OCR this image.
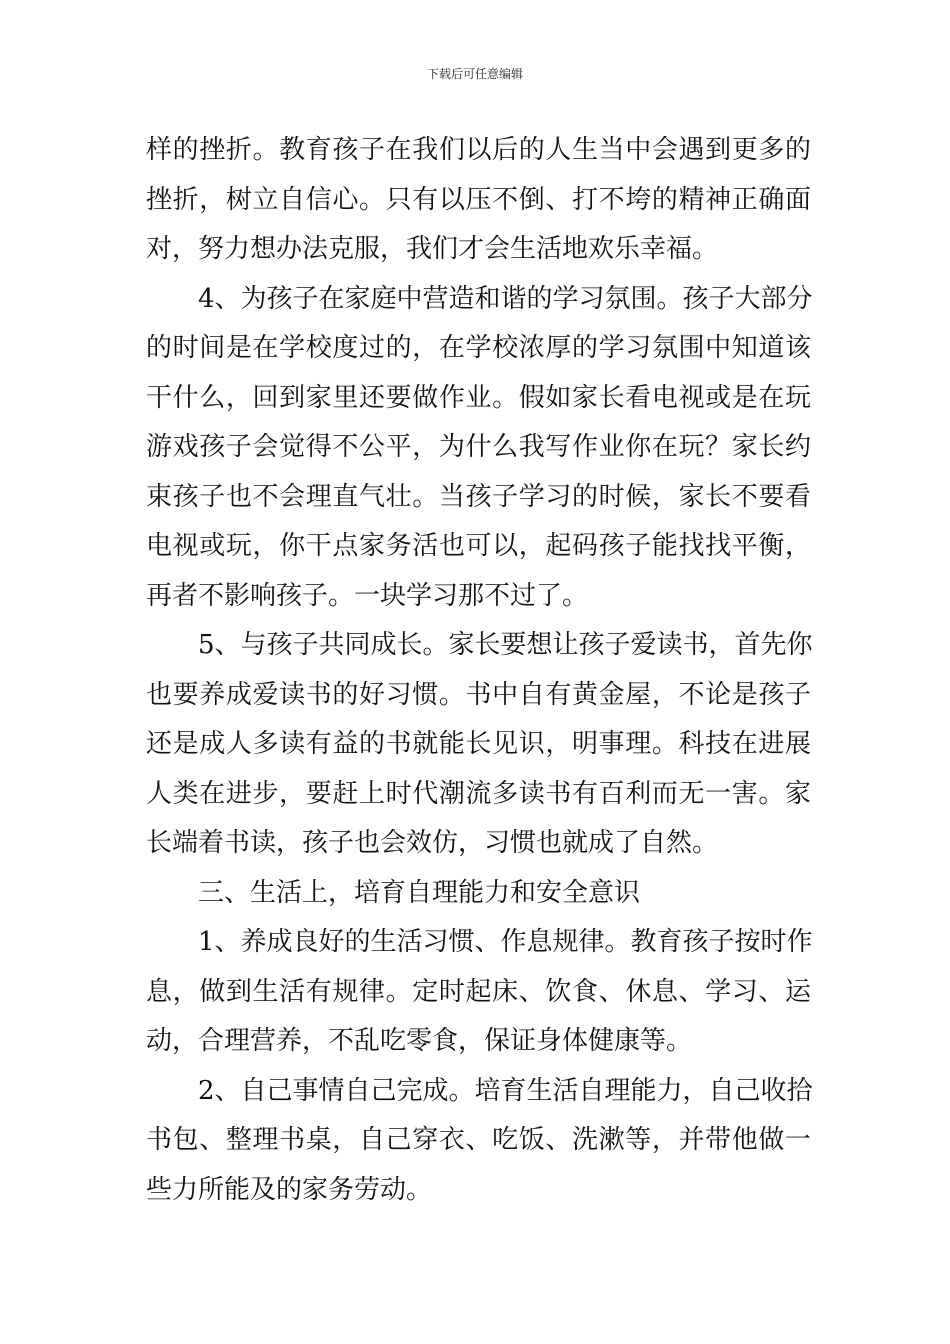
下载后可任意编辑
样的挫折。教育孩子在我们以后的人生当中会遇到更多的
挫折，树立自信心。只有以压不倒、打不垮的精神正确面
对，努力想办法克服，我们才会生活地欢乐幸福。
4、为孩子在家庭中营造和谐的学习氛围。孩子大部分
的时间是在学校度过的，在学校浓厚的学习氛围中知道该
干什么，回到家里还要做作业。假如家长看电视或是在玩
游戏孩子会觉得不公平，为什么我写作业你在玩？家长约
束孩子也不会理直气壮。当孩子学习的时候，家长不要看
电视或玩，你干点家务活也可以，起码孩子能找找平衡，
再者不影响孩子。一块学习那不过了。
5、与孩子共同成长。家长要想让孩子爱读书，首先你
也要养成爱读书的好习惯。书中自有黄金屋，不论是孩子
还是成人多读有益的书就能长见识，明事理。科技在进展
人类在进步，要赶上时代潮流多读书有百利而无一害。家
长端着书读，孩子也会效仿，习惯也就成了自然。
三、生活上，培育自理能力和安全意识
1、养成良好的生活习惯、作息规律。教育孩子按时作
息，做到生活有规律。定时起床、饮食、休息、学习、运
动，合理营养，不乱吃零食，保证身体健康等。
2、自己事情自己完成。培育生活自理能力，自己收拾
书包、整理书桌，自己穿衣、吃饭、洗漱等，并带他做一
些力所能及的家务劳动。
